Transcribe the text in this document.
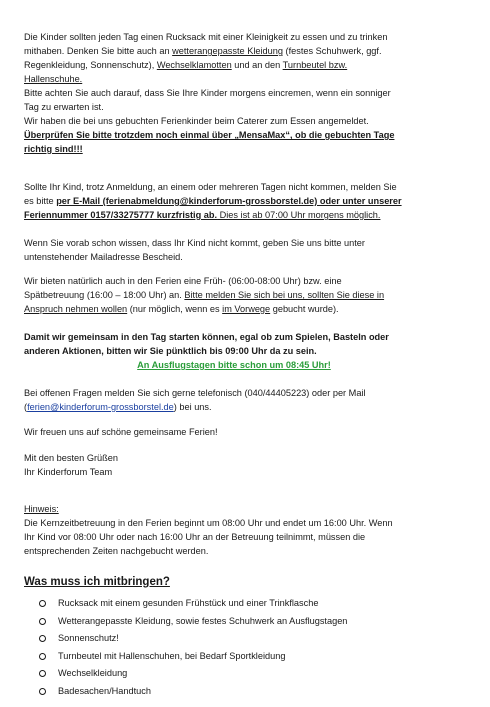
Die Kinder sollten jeden Tag einen Rucksack mit einer Kleinigkeit zu essen und zu trinken
mithaben. Denken Sie bitte auch an wetterangepasste Kleidung (festes Schuhwerk, ggf.
Regenkleidung, Sonnenschutz), Wechselklamotten und an den Turnbeutel bzw.
Hallenschuhe.
Bitte achten Sie auch darauf, dass Sie Ihre Kinder morgens eincremen, wenn ein sonniger
Tag zu erwarten ist.
Wir haben die bei uns gebuchten Ferienkinder beim Caterer zum Essen angemeldet.
Überprüfen Sie bitte trotzdem noch einmal über „MensaMax“, ob die gebuchten Tage
richtig sind!!!
Sollte Ihr Kind, trotz Anmeldung, an einem oder mehreren Tagen nicht kommen, melden Sie
es bitte per E-Mail (ferienabmeldung@kinderforum-grossborstel.de) oder unter unserer
Feriennummer 0157/33275777 kurzfristig ab. Dies ist ab 07:00 Uhr morgens möglich.
Wenn Sie vorab schon wissen, dass Ihr Kind nicht kommt, geben Sie uns bitte unter
untenstehender Mailadresse Bescheid.
Wir bieten natürlich auch in den Ferien eine Früh- (06:00-08:00 Uhr) bzw. eine
Spätbetreuung (16:00 – 18:00 Uhr) an. Bitte melden Sie sich bei uns, sollten Sie diese in
Anspruch nehmen wollen (nur möglich, wenn es im Vorwege gebucht wurde).
Damit wir gemeinsam in den Tag starten können, egal ob zum Spielen, Basteln oder
anderen Aktionen, bitten wir Sie pünktlich bis 09:00 Uhr da zu sein.
An Ausflugstagen bitte schon um 08:45 Uhr!
Bei offenen Fragen melden Sie sich gerne telefonisch (040/44405223) oder per Mail
(ferien@kinderforum-grossborstel.de) bei uns.
Wir freuen uns auf schöne gemeinsame Ferien!
Mit den besten Grüßen
Ihr Kinderforum Team
Hinweis:
Die Kernzeitbetreuung in den Ferien beginnt um 08:00 Uhr und endet um 16:00 Uhr. Wenn
Ihr Kind vor 08:00 Uhr oder nach 16:00 Uhr an der Betreuung teilnimmt, müssen die
entsprechenden Zeiten nachgebucht werden.
Was muss ich mitbringen?
Rucksack mit einem gesunden Frühstück und einer Trinkflasche
Wetterangepasste Kleidung, sowie festes Schuhwerk an Ausflugstagen
Sonnenschutz!
Turnbeutel mit Hallenschuhen, bei Bedarf Sportkleidung
Wechselkleidung
Badesachen/Handtuch
